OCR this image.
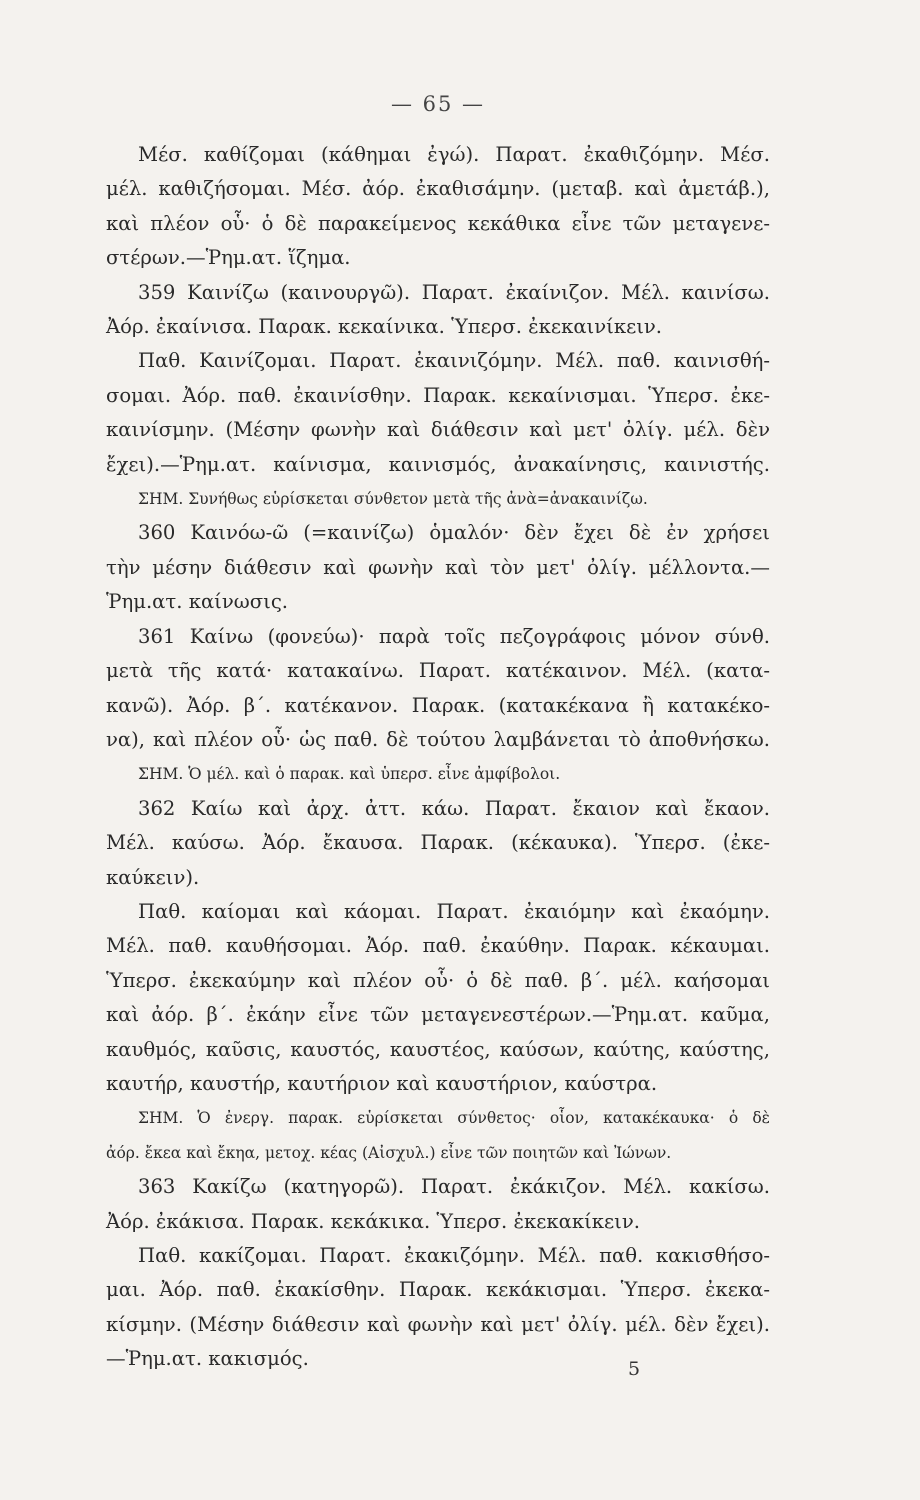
— 65 —
Μέσ. καθίζομαι (κάθημαι ἐγώ). Παρατ. ἐκαθιζόμην. Μέσ.
μέλ. καθιζήσομαι. Μέσ. ἀόρ. ἐκαθισάμην. (μεταβ. καὶ ἀμετάβ.),
καὶ πλέον οὗ· ὁ δὲ παρακείμενος κεκάθικα εἶνε τῶν μεταγενε-
στέρων.—Ῥημ.ατ. ἵζημα.
359 Καινίζω (καινουργῶ). Παρατ. ἐκαίνιζον. Μέλ. καινίσω.
Ἀόρ. ἐκαίνισα. Παρακ. κεκαίνικα. Ὑπερσ. ἐκεκαινίκειν.
Παθ. Καινίζομαι. Παρατ. ἐκαινιζόμην. Μέλ. παθ. καινισθή-
σομαι. Ἀόρ. παθ. ἐκαινίσθην. Παρακ. κεκαίνισμαι. Ὑπερσ. ἐκε-
καινίσμην. (Μέσην φωνὴν καὶ διάθεσιν καὶ μετ' ὀλίγ. μέλ. δὲν
ἔχει).—Ῥημ.ατ. καίνισμα, καινισμός, ἀνακαίνησις, καινιστής.
ΣΗΜ. Συνήθως εὑρίσκεται σύνθετον μετὰ τῆς ἀνὰ=ἀνακαινίζω.
360 Καινόω-ῶ (=καινίζω) ὁμαλόν· δὲν ἔχει δὲ ἐν χρήσει
τὴν μέσην διάθεσιν καὶ φωνὴν καὶ τὸν μετ' ὀλίγ. μέλλοντα.—
Ῥημ.ατ. καίνωσις.
361 Καίνω (φονεύω)· παρὰ τοῖς πεζογράφοις μόνον σύνθ.
μετὰ τῆς κατά· κατακαίνω. Παρατ. κατέκαινον. Μέλ. (κατα-
κανῶ). Ἀόρ. β΄. κατέκανον. Παρακ. (κατακέκανα ἢ κατακέκο-
να), καὶ πλέον οὗ· ὡς παθ. δὲ τούτου λαμβάνεται τὸ ἀποθνήσκω.
ΣΗΜ. Ὁ μέλ. καὶ ὁ παρακ. καὶ ὑπερσ. εἶνε ἀμφίβολοι.
362 Καίω καὶ ἀρχ. ἀττ. κάω. Παρατ. ἔκαιον καὶ ἔκαον.
Μέλ. καύσω. Ἀόρ. ἔκαυσα. Παρακ. (κέκαυκα). Ὑπερσ. (ἐκε-
καύκειν).
Παθ. καίομαι καὶ κάομαι. Παρατ. ἐκαιόμην καὶ ἐκαόμην.
Μέλ. παθ. καυθήσομαι. Ἀόρ. παθ. ἐκαύθην. Παρακ. κέκαυμαι.
Ὑπερσ. ἐκεκαύμην καὶ πλέον οὗ· ὁ δὲ παθ. β΄. μέλ. καήσομαι
καὶ ἀόρ. β΄. ἐκάην εἶνε τῶν μεταγενεστέρων.—Ῥημ.ατ. καῦμα,
καυθμός, καῦσις, καυστός, καυστέος, καύσων, καύτης, καύστης,
καυτήρ, καυστήρ, καυτήριον καὶ καυστήριον, καύστρα.
ΣΗΜ. Ὁ ἐνεργ. παρακ. εὑρίσκεται σύνθετος· οἷον, κατακέκαυκα· ὁ δὲ
ἀόρ. ἔκεα καὶ ἔκηα, μετοχ. κέας (Αἰσχυλ.) εἶνε τῶν ποιητῶν καὶ Ἰώνων.
363 Κακίζω (κατηγορῶ). Παρατ. ἐκάκιζον. Μέλ. κακίσω.
Ἀόρ. ἐκάκισα. Παρακ. κεκάκικα. Ὑπερσ. ἐκεκακίκειν.
Παθ. κακίζομαι. Παρατ. ἐκακιζόμην. Μέλ. παθ. κακισθήσο-
μαι. Ἀόρ. παθ. ἐκακίσθην. Παρακ. κεκάκισμαι. Ὑπερσ. ἐκεκα-
κίσμην. (Μέσην διάθεσιν καὶ φωνὴν καὶ μετ' ὀλίγ. μέλ. δὲν ἔχει).
—Ῥημ.ατ. κακισμός.	5
